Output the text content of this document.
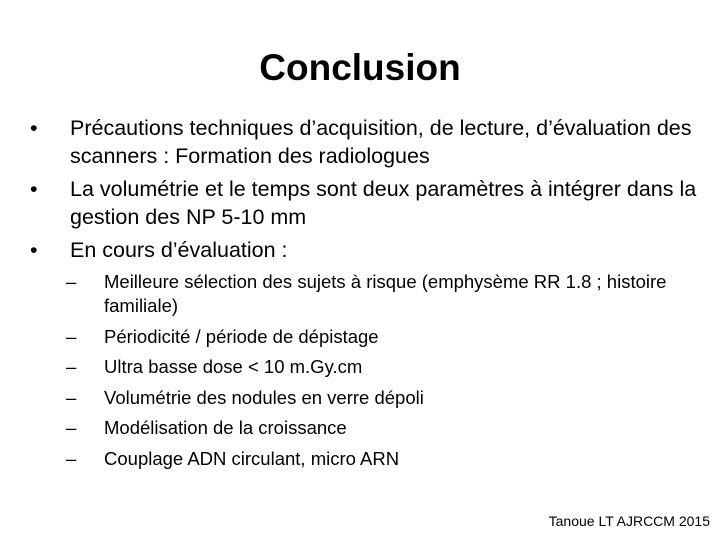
Conclusion
•	Précautions techniques d’acquisition, de lecture, d’évaluation des scanners : Formation des radiologues
•	La volumétrie et le temps sont deux paramètres à intégrer dans la gestion des NP 5-10 mm
•	En cours d’évaluation :
–	Meilleure sélection des sujets à risque (emphysème RR 1.8 ; histoire familiale)
–	Périodicité / période de dépistage
–	Ultra basse dose < 10 m.Gy.cm
–	Volumétrie des nodules en verre dépoli
–	Modélisation de la croissance
–	Couplage ADN circulant, micro ARN
Tanoue LT AJRCCM 2015
